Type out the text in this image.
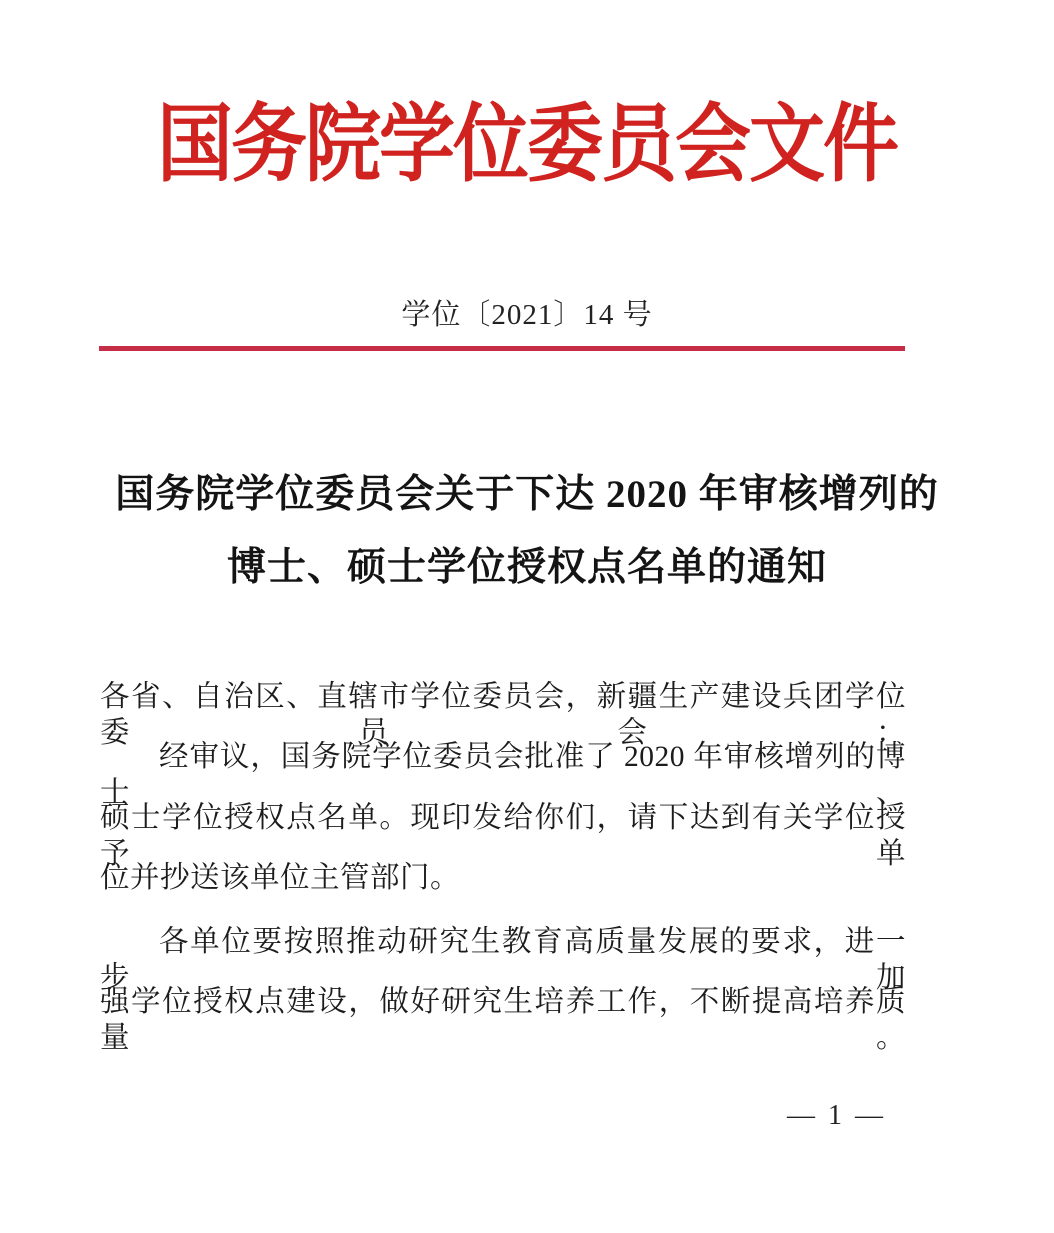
国务院学位委员会文件
学位〔2021〕14 号
国务院学位委员会关于下达 2020 年审核增列的
博士、硕士学位授权点名单的通知
各省、自治区、直辖市学位委员会，新疆生产建设兵团学位委员会：
经审议，国务院学位委员会批准了 2020 年审核增列的博士、
硕士学位授权点名单。现印发给你们，请下达到有关学位授予单
位并抄送该单位主管部门。
各单位要按照推动研究生教育高质量发展的要求，进一步加
强学位授权点建设，做好研究生培养工作，不断提高培养质量。
— 1 —
